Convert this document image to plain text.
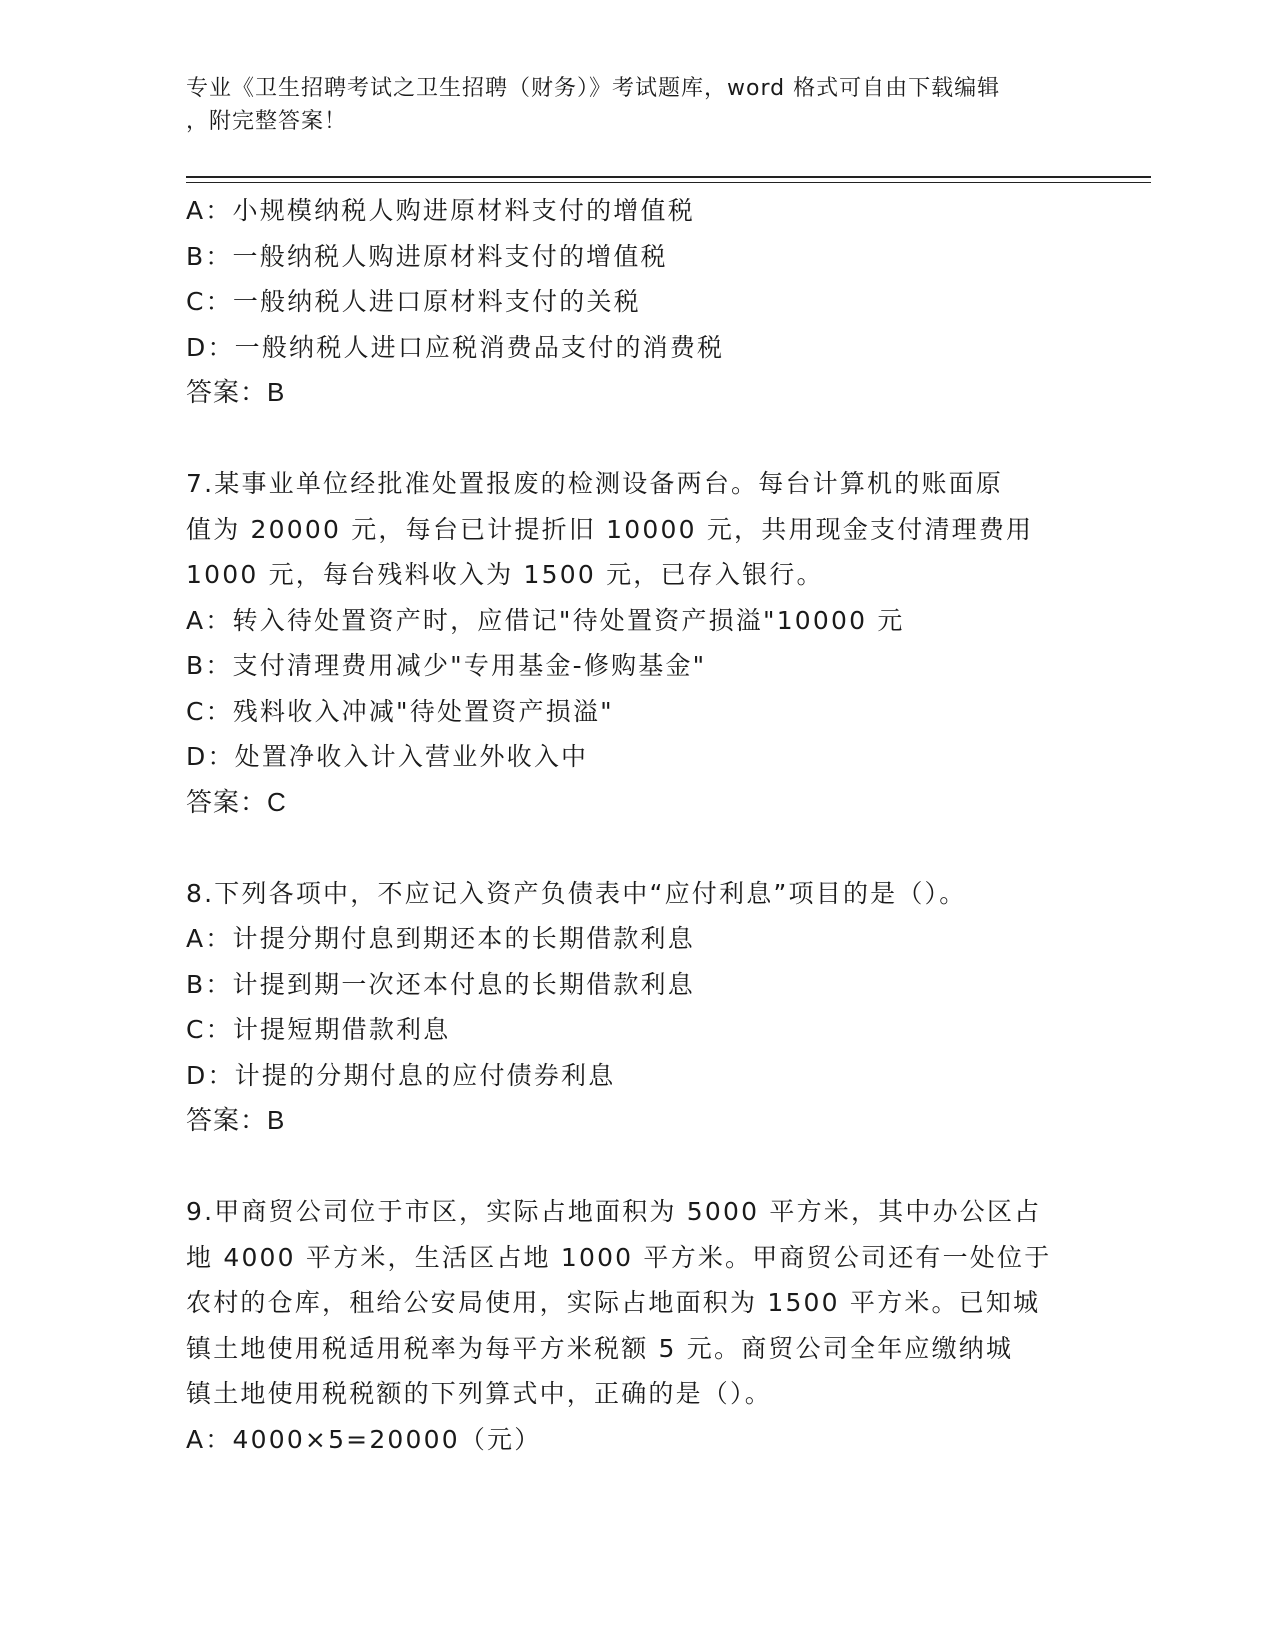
专业《卫生招聘考试之卫生招聘（财务）》考试题库，word 格式可自由下载编辑
，附完整答案！
A：小规模纳税人购进原材料支付的增值税
B：一般纳税人购进原材料支付的增值税
C：一般纳税人进口原材料支付的关税
D：一般纳税人进口应税消费品支付的消费税
答案：B
7.某事业单位经批准处置报废的检测设备两台。每台计算机的账面原
值为 20000 元，每台已计提折旧 10000 元，共用现金支付清理费用
1000 元，每台残料收入为 1500 元，已存入银行。
A：转入待处置资产时，应借记"待处置资产损溢"10000 元
B：支付清理费用减少"专用基金-修购基金"
C：残料收入冲减"待处置资产损溢"
D：处置净收入计入营业外收入中
答案：C
8.下列各项中，不应记入资产负债表中“应付利息”项目的是（）。
A：计提分期付息到期还本的长期借款利息
B：计提到期一次还本付息的长期借款利息
C：计提短期借款利息
D：计提的分期付息的应付债券利息
答案：B
9.甲商贸公司位于市区，实际占地面积为 5000 平方米，其中办公区占
地 4000 平方米，生活区占地 1000 平方米。甲商贸公司还有一处位于
农村的仓库，租给公安局使用，实际占地面积为 1500 平方米。已知城
镇土地使用税适用税率为每平方米税额 5 元。商贸公司全年应缴纳城
镇土地使用税税额的下列算式中，正确的是（）。
A：4000×5=20000（元）
